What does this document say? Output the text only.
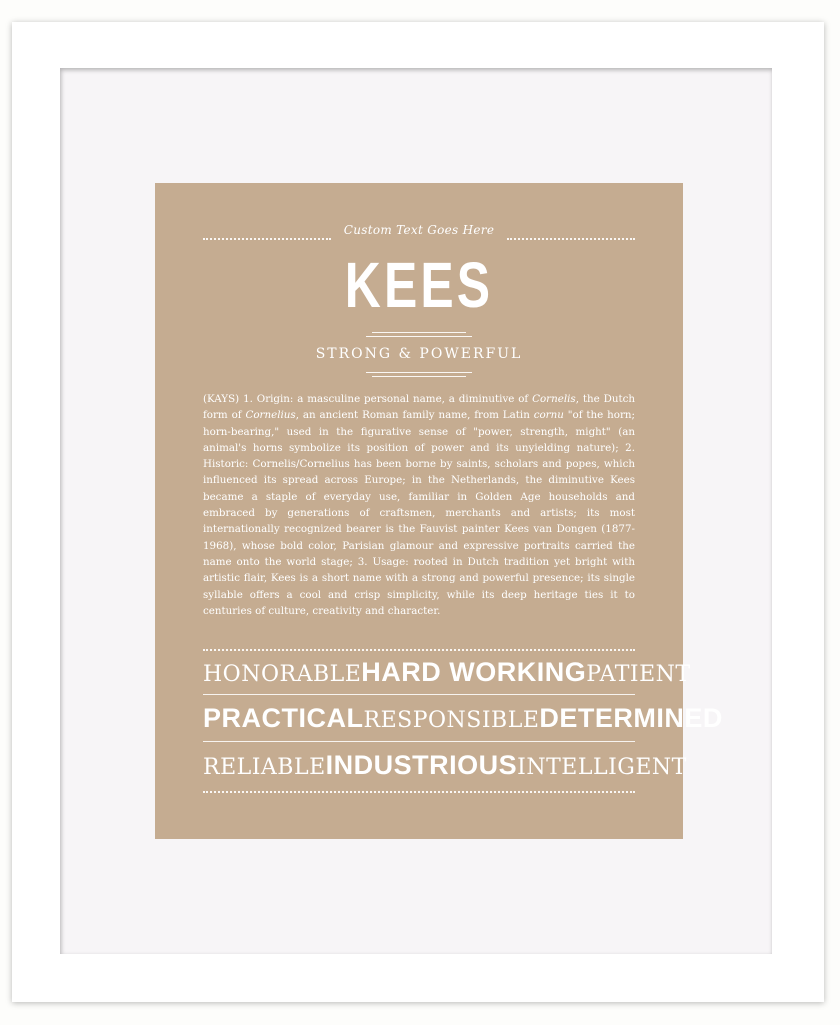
Custom Text Goes Here
KEES
STRONG & POWERFUL
(KAYS) 1. Origin: a masculine personal name, a diminutive of Cornelis, the Dutch form of Cornelius, an ancient Roman family name, from Latin cornu "of the horn; horn-bearing," used in the figurative sense of "power, strength, might" (an animal's horns symbolize its position of power and its unyielding nature); 2. Historic: Cornelis/Cornelius has been borne by saints, scholars and popes, which influenced its spread across Europe; in the Netherlands, the diminutive Kees became a staple of everyday use, familiar in Golden Age households and embraced by generations of craftsmen, merchants and artists; its most internationally recognized bearer is the Fauvist painter Kees van Dongen (1877-1968), whose bold color, Parisian glamour and expressive portraits carried the name onto the world stage; 3. Usage: rooted in Dutch tradition yet bright with artistic flair, Kees is a short name with a strong and powerful presence; its single syllable offers a cool and crisp simplicity, while its deep heritage ties it to centuries of culture, creativity and character.
HONORABLE HARD WORKING PATIENT
PRACTICAL RESPONSIBLE DETERMINED
RELIABLE INDUSTRIOUS INTELLIGENT
